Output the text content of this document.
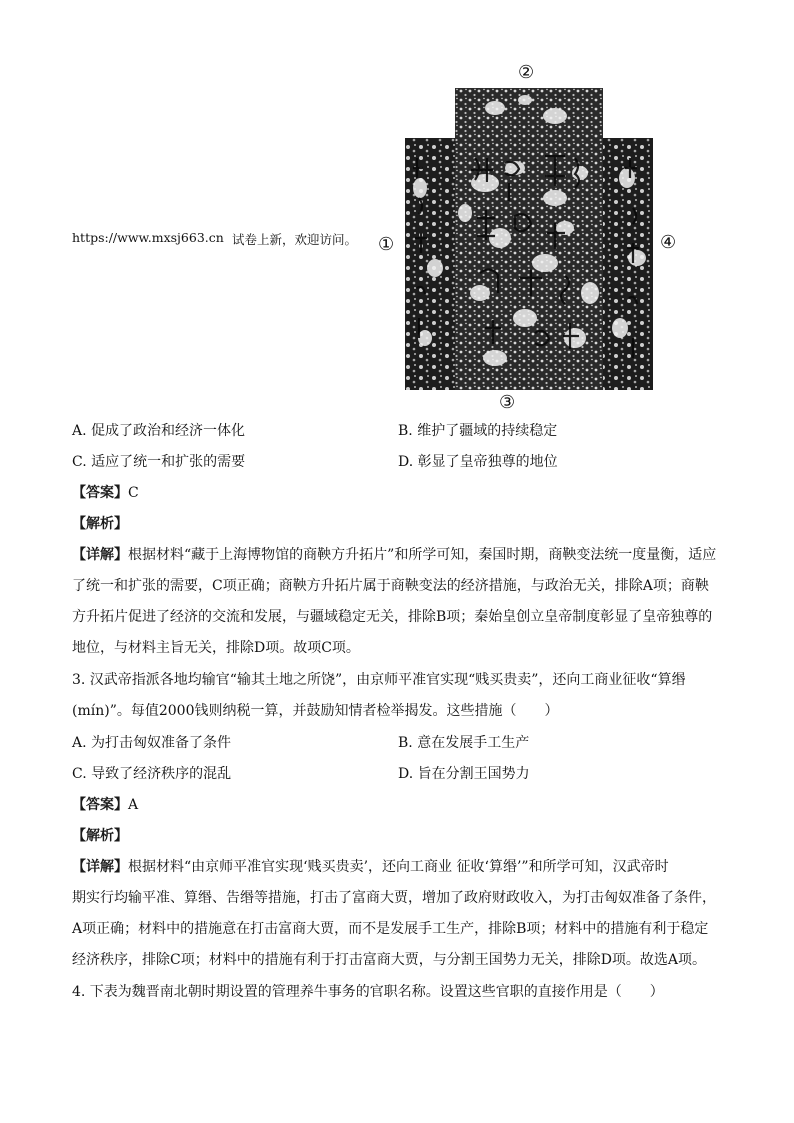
https://www.mxsj663.cn 试卷上新，欢迎访问。
②
①	④
③
A. 促成了政治和经济一体化	B. 维护了疆域的持续稳定
C. 适应了统一和扩张的需要	D. 彰显了皇帝独尊的地位
【答案】C
【解析】
【详解】根据材料“藏于上海博物馆的商鞅方升拓片”和所学可知，秦国时期，商鞅变法统一度量衡，适应
了统一和扩张的需要，C项正确；商鞅方升拓片属于商鞅变法的经济措施，与政治无关，排除A项；商鞅
方升拓片促进了经济的交流和发展，与疆域稳定无关，排除B项；秦始皇创立皇帝制度彰显了皇帝独尊的
地位，与材料主旨无关，排除D项。故项C项。
3. 汉武帝指派各地均输官“输其土地之所饶”，由京师平准官实现“贱买贵卖”，还向工商业征收“算缗
(mín)”。每值2000钱则纳税一算，并鼓励知情者检举揭发。这些措施（　　）
A. 为打击匈奴准备了条件	B. 意在发展手工生产
C. 导致了经济秩序的混乱	D. 旨在分割王国势力
【答案】A
【解析】
【详解】根据材料“由京师平准官实现‘贱买贵卖’，还向工商业 征收‘算缗’”和所学可知，汉武帝时
期实行均输平准、算缗、告缗等措施，打击了富商大贾，增加了政府财政收入，为打击匈奴准备了条件，
A项正确；材料中的措施意在打击富商大贾，而不是发展手工生产，排除B项；材料中的措施有利于稳定
经济秩序，排除C项；材料中的措施有利于打击富商大贾，与分割王国势力无关，排除D项。故选A项。
4. 下表为魏晋南北朝时期设置的管理养牛事务的官职名称。设置这些官职的直接作用是（　　）
